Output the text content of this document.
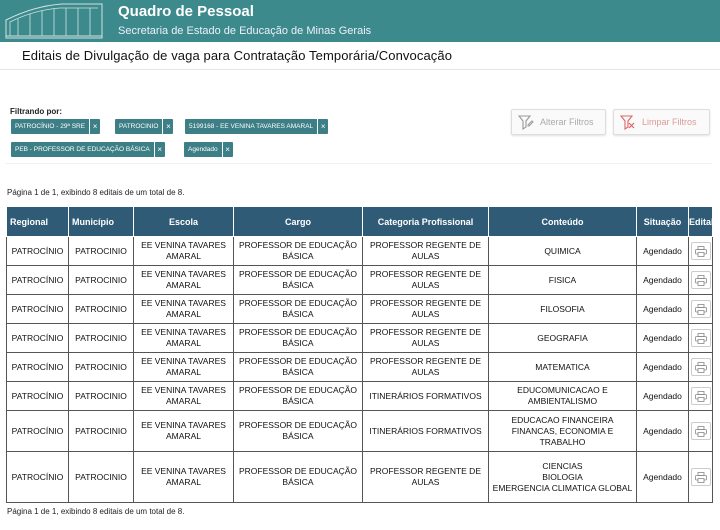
Quadro de Pessoal
Secretaria de Estado de Educação de Minas Gerais
Editais de Divulgação de vaga para Contratação Temporária/Convocação
Filtrando por:
PATROCÍNIO - 29ª SRE ×	PATROCINIO ×	5199168 - EE VENINA TAVARES AMARAL ×
PEB - PROFESSOR DE EDUCAÇÃO BÁSICA ×	Agendado ×
Alterar Filtros	Limpar Filtros
Página 1 de 1, exibindo 8 editais de um total de 8.
Regional	Município	Escola	Cargo	Categoria Profissional	Conteúdo	Situação	Edital
PATROCÍNIO	PATROCINIO	EE VENINA TAVARES AMARAL	PROFESSOR DE EDUCAÇÃO BÁSICA	PROFESSOR REGENTE DE AULAS	QUIMICA	Agendado	

PATROCÍNIO	PATROCINIO	EE VENINA TAVARES AMARAL	PROFESSOR DE EDUCAÇÃO BÁSICA	PROFESSOR REGENTE DE AULAS	FISICA	Agendado	

PATROCÍNIO	PATROCINIO	EE VENINA TAVARES AMARAL	PROFESSOR DE EDUCAÇÃO BÁSICA	PROFESSOR REGENTE DE AULAS	FILOSOFIA	Agendado	

PATROCÍNIO	PATROCINIO	EE VENINA TAVARES AMARAL	PROFESSOR DE EDUCAÇÃO BÁSICA	PROFESSOR REGENTE DE AULAS	GEOGRAFIA	Agendado	

PATROCÍNIO	PATROCINIO	EE VENINA TAVARES AMARAL	PROFESSOR DE EDUCAÇÃO BÁSICA	PROFESSOR REGENTE DE AULAS	MATEMATICA	Agendado	

PATROCÍNIO	PATROCINIO	EE VENINA TAVARES AMARAL	PROFESSOR DE EDUCAÇÃO BÁSICA	ITINERÁRIOS FORMATIVOS	EDUCOMUNICACAO E AMBIENTALISMO	Agendado	

PATROCÍNIO	PATROCINIO	EE VENINA TAVARES AMARAL	PROFESSOR DE EDUCAÇÃO BÁSICA	ITINERÁRIOS FORMATIVOS	EDUCACAO FINANCEIRA FINANCAS, ECONOMIA E TRABALHO	Agendado	

PATROCÍNIO	PATROCINIO	EE VENINA TAVARES AMARAL	PROFESSOR DE EDUCAÇÃO BÁSICA	PROFESSOR REGENTE DE AULAS	CIENCIAS
BIOLOGIA
EMERGENCIA CLIMATICA GLOBAL	Agendado	
Página 1 de 1, exibindo 8 editais de um total de 8.
